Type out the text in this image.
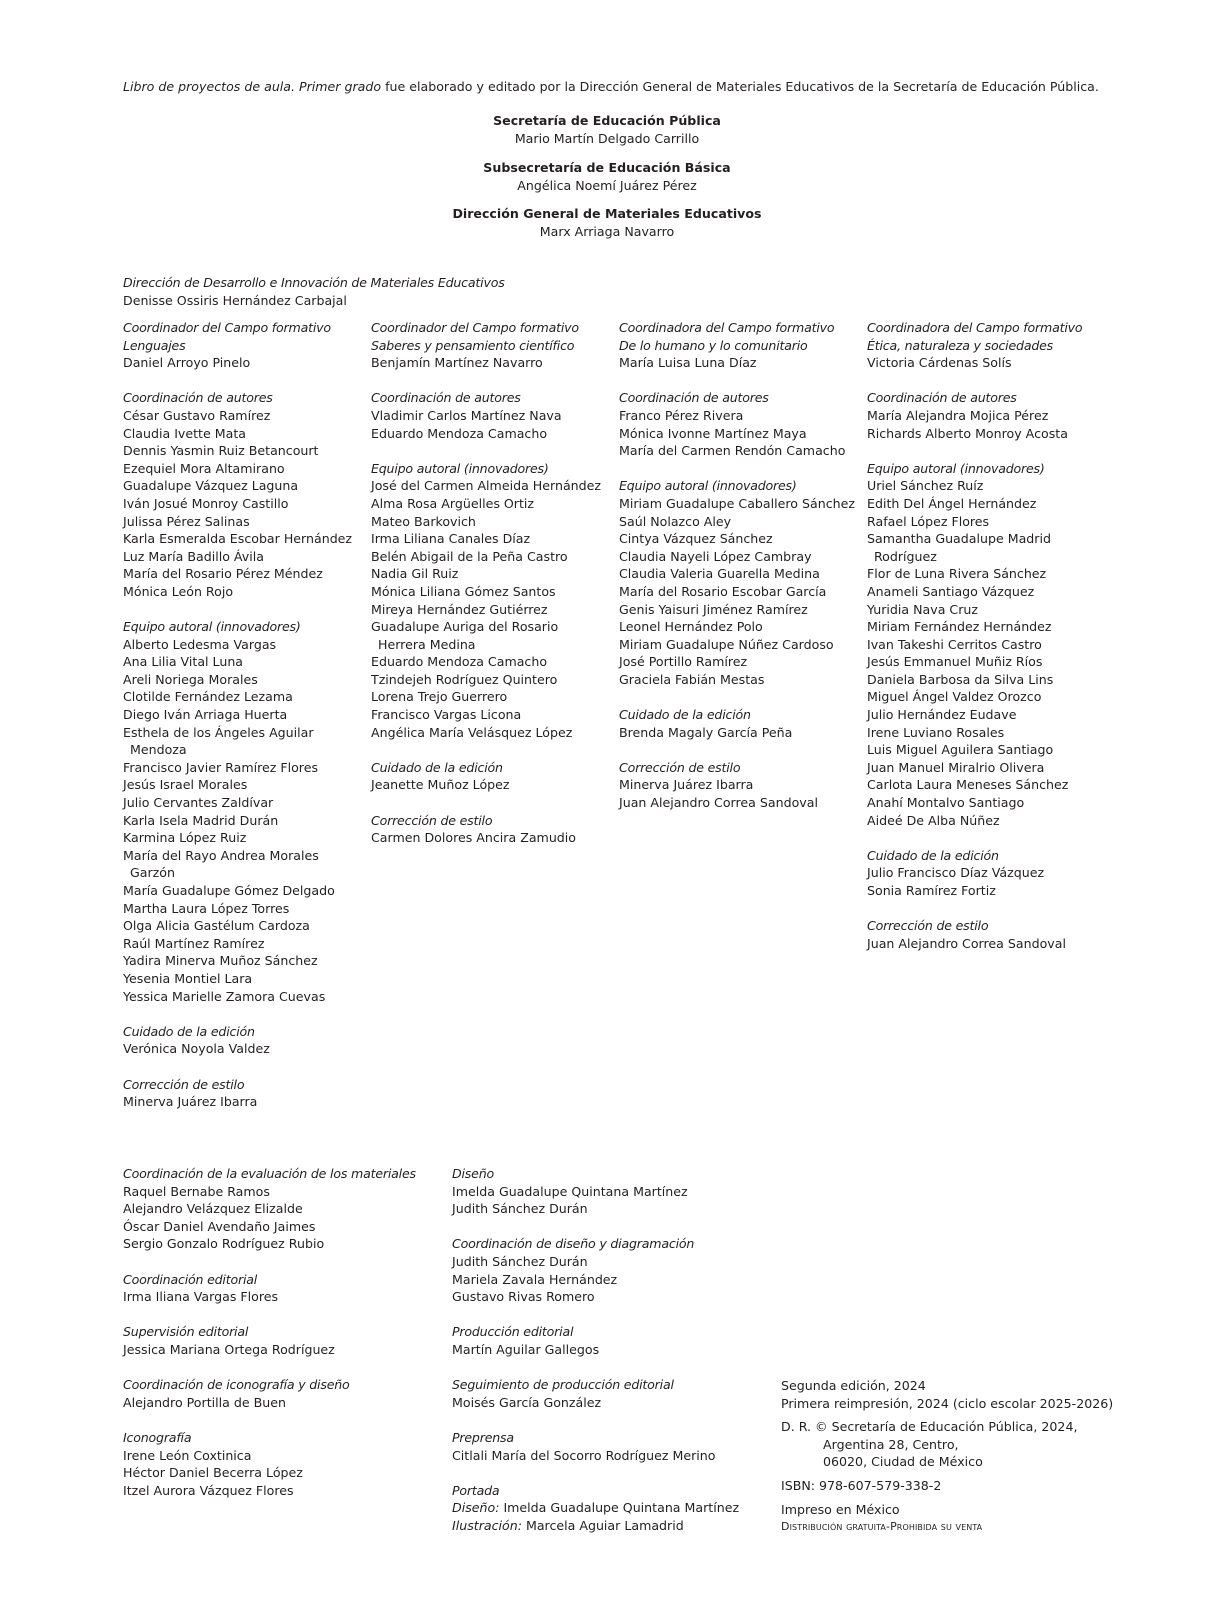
Libro de proyectos de aula. Primer grado fue elaborado y editado por la Dirección General de Materiales Educativos de la Secretaría de Educación Pública.
Secretaría de Educación Pública
Mario Martín Delgado Carrillo
Subsecretaría de Educación Básica
Angélica Noemí Juárez Pérez
Dirección General de Materiales Educativos
Marx Arriaga Navarro
Dirección de Desarrollo e Innovación de Materiales Educativos
Denisse Ossiris Hernández Carbajal
Coordinador del Campo formativo
Lenguajes
Daniel Arroyo Pinelo
Coordinación de autores
César Gustavo Ramírez
Claudia Ivette Mata
Dennis Yasmin Ruiz Betancourt
Ezequiel Mora Altamirano
Guadalupe Vázquez Laguna
Iván Josué Monroy Castillo
Julissa Pérez Salinas
Karla Esmeralda Escobar Hernández
Luz María Badillo Ávila
María del Rosario Pérez Méndez
Mónica León Rojo
Equipo autoral (innovadores)
Alberto Ledesma Vargas
Ana Lilia Vital Luna
Areli Noriega Morales
Clotilde Fernández Lezama
Diego Iván Arriaga Huerta
Esthela de los Ángeles Aguilar
Mendoza
Francisco Javier Ramírez Flores
Jesús Israel Morales
Julio Cervantes Zaldívar
Karla Isela Madrid Durán
Karmina López Ruiz
María del Rayo Andrea Morales
Garzón
María Guadalupe Gómez Delgado
Martha Laura López Torres
Olga Alicia Gastélum Cardoza
Raúl Martínez Ramírez
Yadira Minerva Muñoz Sánchez
Yesenia Montiel Lara
Yessica Marielle Zamora Cuevas
Cuidado de la edición
Verónica Noyola Valdez
Corrección de estilo
Minerva Juárez Ibarra
Coordinador del Campo formativo
Saberes y pensamiento científico
Benjamín Martínez Navarro
Coordinación de autores
Vladimir Carlos Martínez Nava
Eduardo Mendoza Camacho
Equipo autoral (innovadores)
José del Carmen Almeida Hernández
Alma Rosa Argüelles Ortiz
Mateo Barkovich
Irma Liliana Canales Díaz
Belén Abigail de la Peña Castro
Nadia Gil Ruiz
Mónica Liliana Gómez Santos
Mireya Hernández Gutiérrez
Guadalupe Auriga del Rosario
Herrera Medina
Eduardo Mendoza Camacho
Tzindejeh Rodríguez Quintero
Lorena Trejo Guerrero
Francisco Vargas Licona
Angélica María Velásquez López
Cuidado de la edición
Jeanette Muñoz López
Corrección de estilo
Carmen Dolores Ancira Zamudio
Coordinadora del Campo formativo
De lo humano y lo comunitario
María Luisa Luna Díaz
Coordinación de autores
Franco Pérez Rivera
Mónica Ivonne Martínez Maya
María del Carmen Rendón Camacho
Equipo autoral (innovadores)
Miriam Guadalupe Caballero Sánchez
Saúl Nolazco Aley
Cintya Vázquez Sánchez
Claudia Nayeli López Cambray
Claudia Valeria Guarella Medina
María del Rosario Escobar García
Genis Yaisuri Jiménez Ramírez
Leonel Hernández Polo
Miriam Guadalupe Núñez Cardoso
José Portillo Ramírez
Graciela Fabián Mestas
Cuidado de la edición
Brenda Magaly García Peña
Corrección de estilo
Minerva Juárez Ibarra
Juan Alejandro Correa Sandoval
Coordinadora del Campo formativo
Ética, naturaleza y sociedades
Victoria Cárdenas Solís
Coordinación de autores
María Alejandra Mojica Pérez
Richards Alberto Monroy Acosta
Equipo autoral (innovadores)
Uriel Sánchez Ruíz
Edith Del Ángel Hernández
Rafael López Flores
Samantha Guadalupe Madrid
Rodríguez
Flor de Luna Rivera Sánchez
Anameli Santiago Vázquez
Yuridia Nava Cruz
Miriam Fernández Hernández
Ivan Takeshi Cerritos Castro
Jesús Emmanuel Muñiz Ríos
Daniela Barbosa da Silva Lins
Miguel Ángel Valdez Orozco
Julio Hernández Eudave
Irene Luviano Rosales
Luis Miguel Aguilera Santiago
Juan Manuel Miralrio Olivera
Carlota Laura Meneses Sánchez
Anahí Montalvo Santiago
Aideé De Alba Núñez
Cuidado de la edición
Julio Francisco Díaz Vázquez
Sonia Ramírez Fortiz
Corrección de estilo
Juan Alejandro Correa Sandoval
Coordinación de la evaluación de los materiales
Raquel Bernabe Ramos
Alejandro Velázquez Elizalde
Óscar Daniel Avendaño Jaimes
Sergio Gonzalo Rodríguez Rubio
Coordinación editorial
Irma Iliana Vargas Flores
Supervisión editorial
Jessica Mariana Ortega Rodríguez
Coordinación de iconografía y diseño
Alejandro Portilla de Buen
Iconografía
Irene León Coxtinica
Héctor Daniel Becerra López
Itzel Aurora Vázquez Flores
Diseño
Imelda Guadalupe Quintana Martínez
Judith Sánchez Durán
Coordinación de diseño y diagramación
Judith Sánchez Durán
Mariela Zavala Hernández
Gustavo Rivas Romero
Producción editorial
Martín Aguilar Gallegos
Seguimiento de producción editorial
Moisés García González
Preprensa
Citlali María del Socorro Rodríguez Merino
Portada
Diseño: Imelda Guadalupe Quintana Martínez
Ilustración: Marcela Aguiar Lamadrid
Segunda edición, 2024
Primera reimpresión, 2024 (ciclo escolar 2025-2026)
D. R. © Secretaría de Educación Pública, 2024,
Argentina 28, Centro,
06020, Ciudad de México
ISBN: 978-607-579-338-2
Impreso en México
Distribución gratuita-Prohibida su venta
